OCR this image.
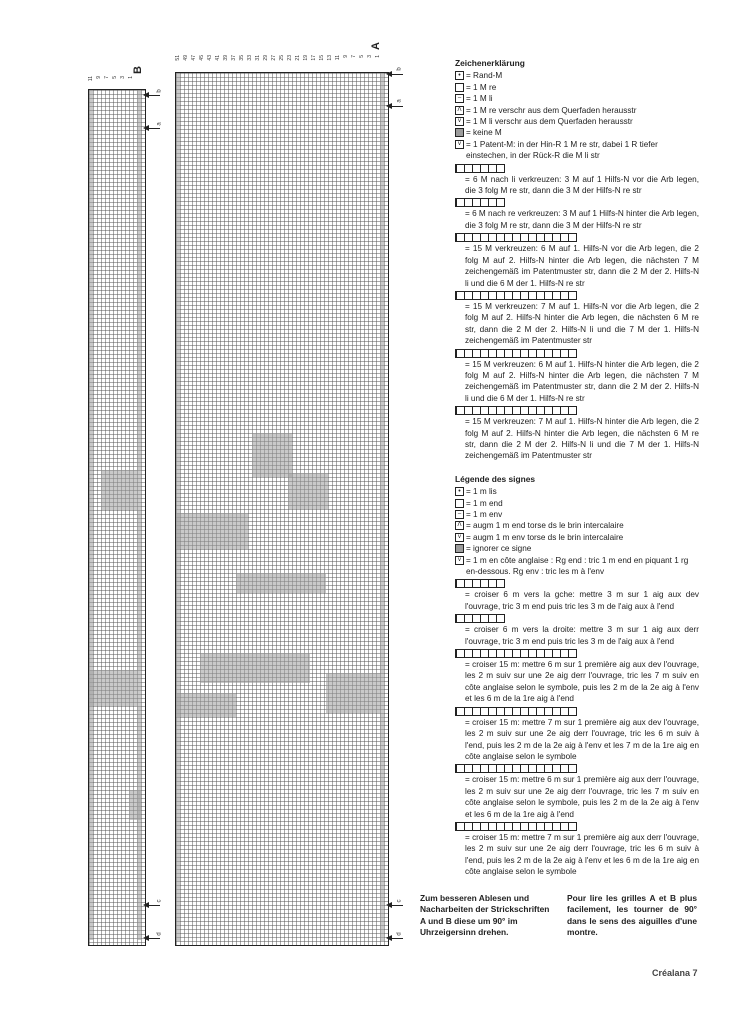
B
11 9 7 5 3 1
A
51 49 47 45 43 41 39 37 35 33 31 29 27 25 23 21 19 17 15 13 11 9 7 5 3 1
b
a
c
d
b
a
c
d
Zeichenerklärung
•
= Rand-M
= 1 M re
–
= 1 M li
Λ
= 1 M re verschr aus dem Querfaden herausstr
v
= 1 M li verschr aus dem Querfaden herausstr
= keine M
v
= 1 Patent-M: in der Hin-R 1 M re str, dabei 1 R tiefer einstechen, in der Rück-R die M li str
= 6 M nach li verkreuzen: 3 M auf 1 Hilfs-N vor die Arb legen, die 3 folg M re str, dann die 3 M der Hilfs-N re str
= 6 M nach re verkreuzen: 3 M auf 1 Hilfs-N hinter die Arb legen, die 3 folg M re str, dann die 3 M der Hilfs-N re str
= 15 M verkreuzen: 6 M auf 1. Hilfs-N vor die Arb legen, die 2 folg M auf 2. Hilfs-N hinter die Arb legen, die nächsten 7 M zeichengemäß im Patentmuster str, dann die 2 M der 2. Hilfs-N li und die 6 M der 1. Hilfs-N re str
= 15 M verkreuzen: 7 M auf 1. Hilfs-N vor die Arb legen, die 2 folg M auf 2. Hilfs-N hinter die Arb legen, die nächsten 6 M re str, dann die 2 M der 2. Hilfs-N li und die 7 M der 1. Hilfs-N zeichengemäß im Patentmuster str
= 15 M verkreuzen: 6 M auf 1. Hilfs-N hinter die Arb legen, die 2 folg M auf 2. Hilfs-N hinter die Arb legen, die nächsten 7 M zeichengemäß im Patentmuster str, dann die 2 M der 2. Hilfs-N li und die 6 M der 1. Hilfs-N re str
= 15 M verkreuzen: 7 M auf 1. Hilfs-N hinter die Arb legen, die 2 folg M auf 2. Hilfs-N hinter die Arb legen, die nächsten 6 M re str, dann die 2 M der 2. Hilfs-N li und die 7 M der 1. Hilfs-N zeichengemäß im Patentmuster str
Légende des signes
•
= 1 m lis
= 1 m end
–
= 1 m env
Λ
= augm 1 m end torse ds le brin intercalaire
v
= augm 1 m env torse ds le brin intercalaire
= ignorer ce signe
v
= 1 m en côte anglaise : Rg end : tric 1 m end en piquant 1 rg en-dessous. Rg env : tric les m à l'env
= croiser 6 m vers la gche: mettre 3 m sur 1 aig aux dev l'ouvrage, tric 3 m end puis tric les 3 m de l'aig aux à l'end
= croiser 6 m vers la droite: mettre 3 m sur 1 aig aux derr l'ouvrage, tric 3 m end puis tric les 3 m de l'aig aux à l'end
= croiser 15 m: mettre 6 m sur 1 première aig aux dev l'ouvrage, les 2 m suiv sur une 2e aig derr l'ouvrage, tric les 7 m suiv en côte anglaise selon le symbole, puis les 2 m de la 2e aig à l'env et les 6 m de la 1re aig à l'end
= croiser 15 m: mettre 7 m sur 1 première aig aux dev l'ouvrage, les 2 m suiv sur une 2e aig derr l'ouvrage, tric les 6 m suiv à l'end, puis les 2 m de la 2e aig à l'env et les 7 m de la 1re aig en côte anglaise selon le symbole
= croiser 15 m: mettre 6 m sur 1 première aig aux derr l'ouvrage, les 2 m suiv sur une 2e aig derr l'ouvrage, tric les 7 m suiv en côte anglaise selon le symbole, puis les 2 m de la 2e aig à l'env et les 6 m de la 1re aig à l'end
= croiser 15 m: mettre 7 m sur 1 première aig aux derr l'ouvrage, les 2 m suiv sur une 2e aig derr l'ouvrage, tric les 6 m suiv à l'end, puis les 2 m de la 2e aig à l'env et les 6 m de la 1re aig en côte anglaise selon le symbole
Zum besseren Ablesen und Nacharbeiten der Strickschriften A und B diese um 90° im Uhrzeigersinn drehen.
Pour lire les grilles A et B plus facilement, les tourner de 90° dans le sens des aiguilles d'une montre.
Créalana 7
